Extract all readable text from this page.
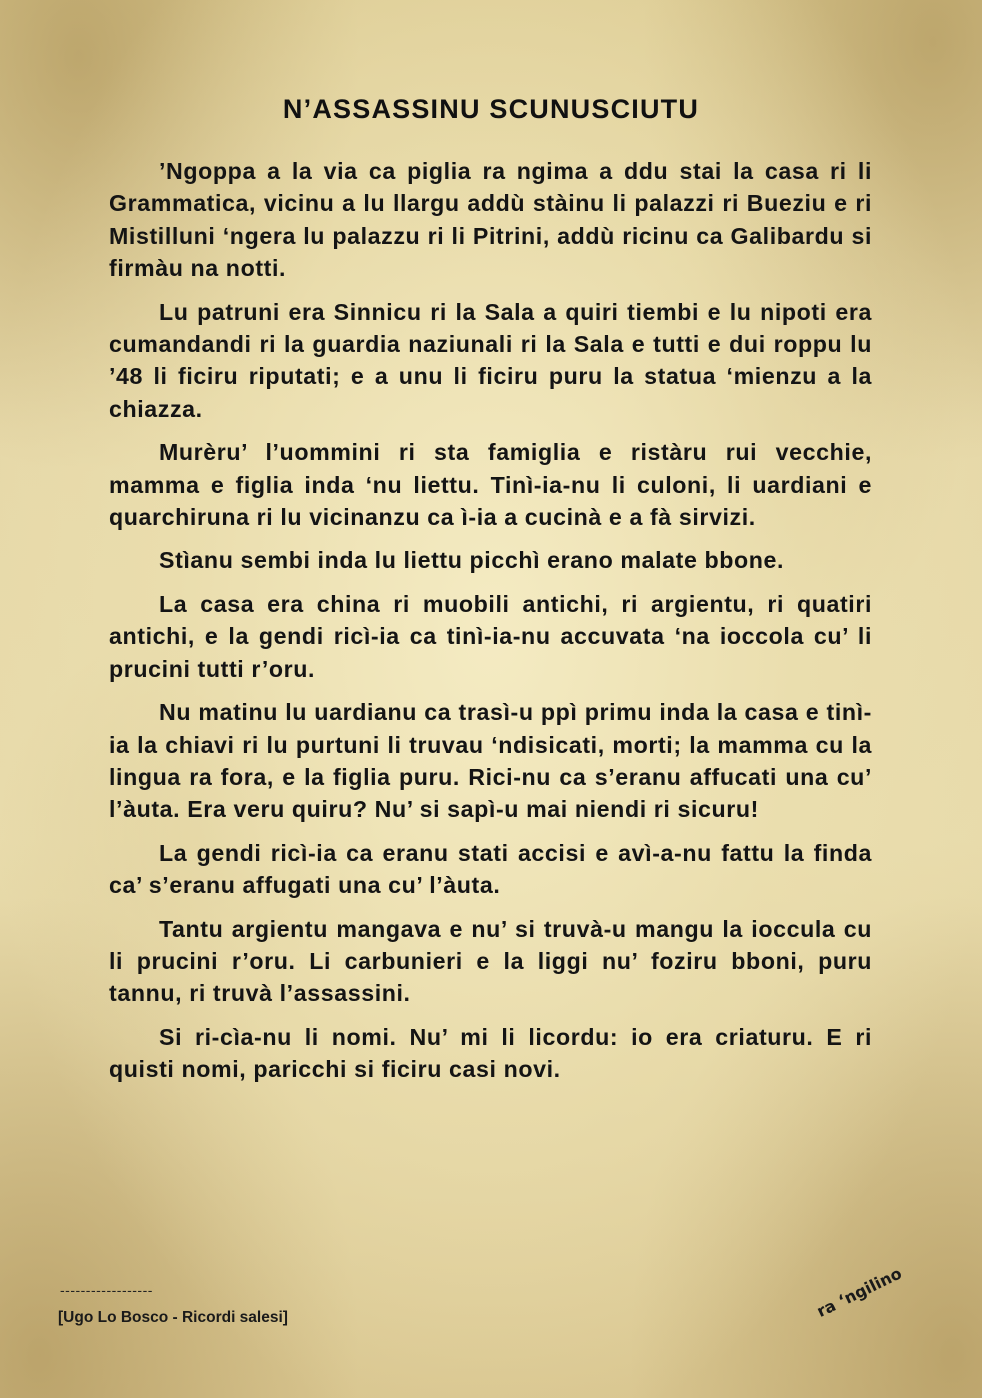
N’ASSASSINU SCUNUSCIUTU

’Ngoppa a la via ca piglia ra ngima a ddu stai la casa ri li Grammatica, vicinu a lu llargu addù stàinu li palazzi ri Bueziu e ri Mistilluni ‘ngera lu palazzu ri li Pitrini, addù ricinu ca Galibardu si firmàu na notti.

Lu patruni era Sinnicu ri la Sala a quiri tiembi e lu nipoti era cumandandi ri la guardia naziunali ri la Sala e tutti e dui roppu lu ’48 li ficiru riputati; e a unu li ficiru puru la statua ‘mienzu a la chiazza.

Murèru’ l’uommini ri sta famiglia e ristàru rui vecchie, mamma e figlia inda ‘nu liettu. Tinì-ia-nu li culoni, li uardiani e quarchiruna ri lu vicinanzu ca ì-ia a cucinà e a fà sirvizi.

Stìanu sembi inda lu liettu picchì erano malate bbone.

La casa era china ri muobili antichi, ri argientu, ri quatiri antichi, e la gendi ricì-ia ca tinì-ia-nu accuvata ‘na ioccola cu’ li prucini tutti r’oru.

Nu matinu lu uardianu ca trasì-u ppì primu inda la casa e tinì-ia la chiavi ri lu purtuni li truvau ‘ndisicati, morti; la mamma cu la lingua ra fora, e la figlia puru. Rici-nu ca s’eranu affucati una cu’ l’àuta. Era veru quiru? Nu’ si sapì-u mai niendi ri sicuru!

La gendi ricì-ia ca eranu stati accisi e avì-a-nu fattu la finda ca’ s’eranu affugati una cu’ l’àuta.

Tantu argientu mangava e nu’ si truvà-u mangu la ioccula cu li prucini r’oru. Li carbunieri e la liggi nu’ foziru bboni, puru tannu, ri truvà l’assassini.

Si ri-cìa-nu li nomi. Nu’ mi li licordu: io era criaturu. E ri quisti nomi, paricchi si ficiru casi novi.

------------------
[Ugo Lo Bosco - Ricordi salesi]	ra ‘ngilino
